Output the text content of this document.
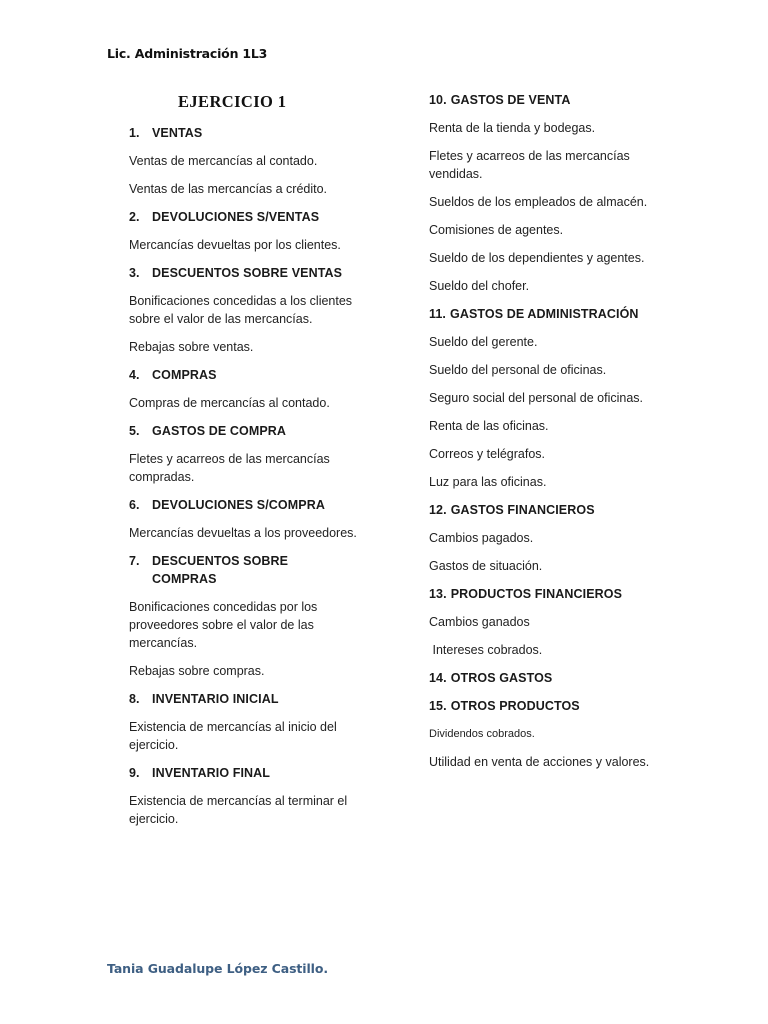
Lic. Administración 1L3
EJERCICIO 1
1. VENTAS
Ventas de mercancías al contado.
Ventas de las mercancías a crédito.
2. DEVOLUCIONES S/VENTAS
Mercancías devueltas por los clientes.
3. DESCUENTOS SOBRE VENTAS
Bonificaciones concedidas a los clientes sobre el valor de las mercancías.
Rebajas sobre ventas.
4. COMPRAS
Compras de mercancías al contado.
5. GASTOS DE COMPRA
Fletes y acarreos de las mercancías compradas.
6. DEVOLUCIONES S/COMPRA
Mercancías devueltas a los proveedores.
7. DESCUENTOS SOBRE COMPRAS
Bonificaciones concedidas por los proveedores sobre el valor de las mercancías.
Rebajas sobre compras.
8. INVENTARIO INICIAL
Existencia de mercancías al inicio del ejercicio.
9. INVENTARIO FINAL
Existencia de mercancías al terminar el ejercicio.
10. GASTOS DE VENTA
Renta de la tienda y bodegas.
Fletes y acarreos de las mercancías vendidas.
Sueldos de los empleados de almacén.
Comisiones de agentes.
Sueldo de los dependientes y agentes.
Sueldo del chofer.
11. GASTOS DE ADMINISTRACIÓN
Sueldo del gerente.
Sueldo del personal de oficinas.
Seguro social del personal de oficinas.
Renta de las oficinas.
Correos y telégrafos.
Luz para las oficinas.
12. GASTOS FINANCIEROS
Cambios pagados.
Gastos de situación.
13. PRODUCTOS FINANCIEROS
Cambios ganados
Intereses cobrados.
14. OTROS GASTOS
15. OTROS PRODUCTOS
Dividendos cobrados.
Utilidad en venta de acciones y valores.
Tania Guadalupe López Castillo.
